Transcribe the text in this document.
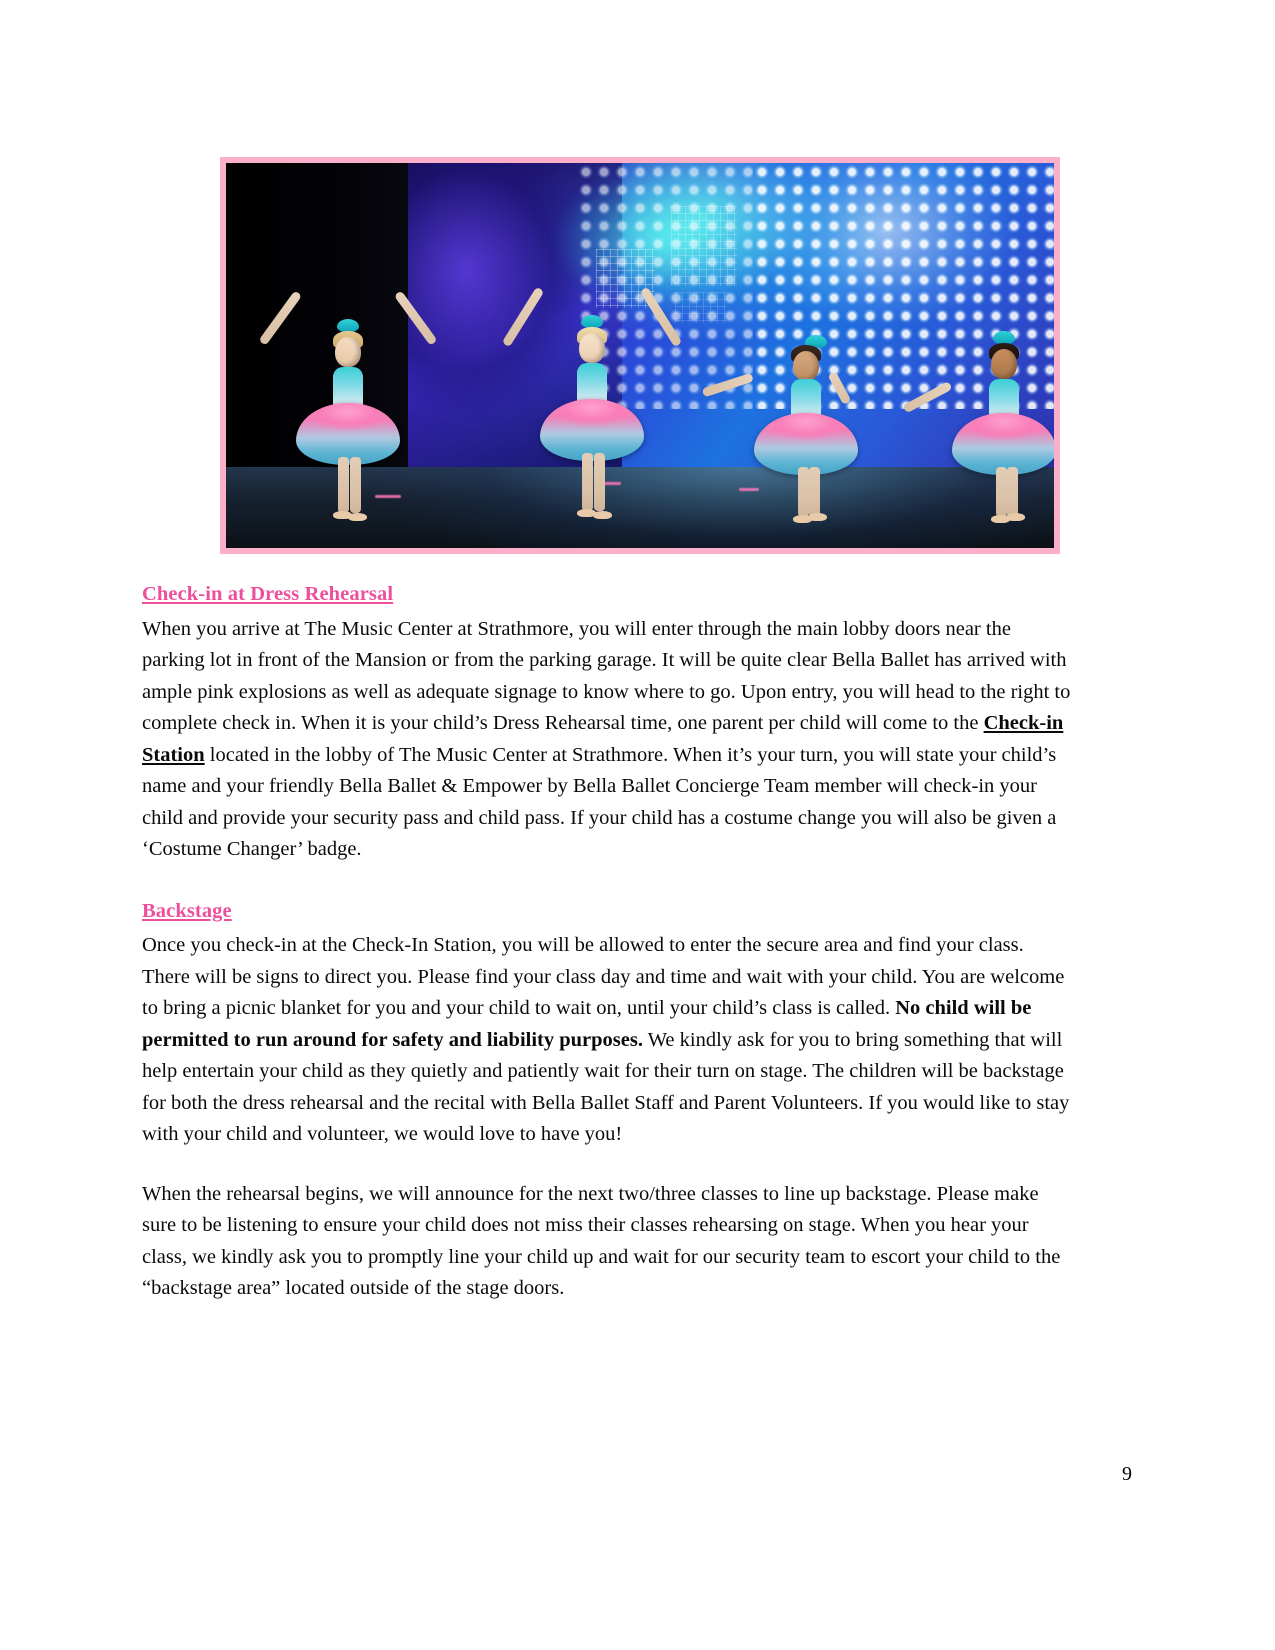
Check-in at Dress Rehearsal

When you arrive at The Music Center at Strathmore, you will enter through the main lobby doors near the parking lot in front of the Mansion or from the parking garage. It will be quite clear Bella Ballet has arrived with ample pink explosions as well as adequate signage to know where to go. Upon entry, you will head to the right to complete check in. When it is your child’s Dress Rehearsal time, one parent per child will come to the Check-in Station located in the lobby of The Music Center at Strathmore. When it’s your turn, you will state your child’s name and your friendly Bella Ballet & Empower by Bella Ballet Concierge Team member will check-in your child and provide your security pass and child pass. If your child has a costume change you will also be given a ‘Costume Changer’ badge.

Backstage

Once you check-in at the Check-In Station, you will be allowed to enter the secure area and find your class. There will be signs to direct you. Please find your class day and time and wait with your child. You are welcome to bring a picnic blanket for you and your child to wait on, until your child’s class is called. No child will be permitted to run around for safety and liability purposes. We kindly ask for you to bring something that will help entertain your child as they quietly and patiently wait for their turn on stage. The children will be backstage for both the dress rehearsal and the recital with Bella Ballet Staff and Parent Volunteers. If you would like to stay with your child and volunteer, we would love to have you!

When the rehearsal begins, we will announce for the next two/three classes to line up backstage. Please make sure to be listening to ensure your child does not miss their classes rehearsing on stage. When you hear your class, we kindly ask you to promptly line your child up and wait for our security team to escort your child to the “backstage area” located outside of the stage doors.

9
